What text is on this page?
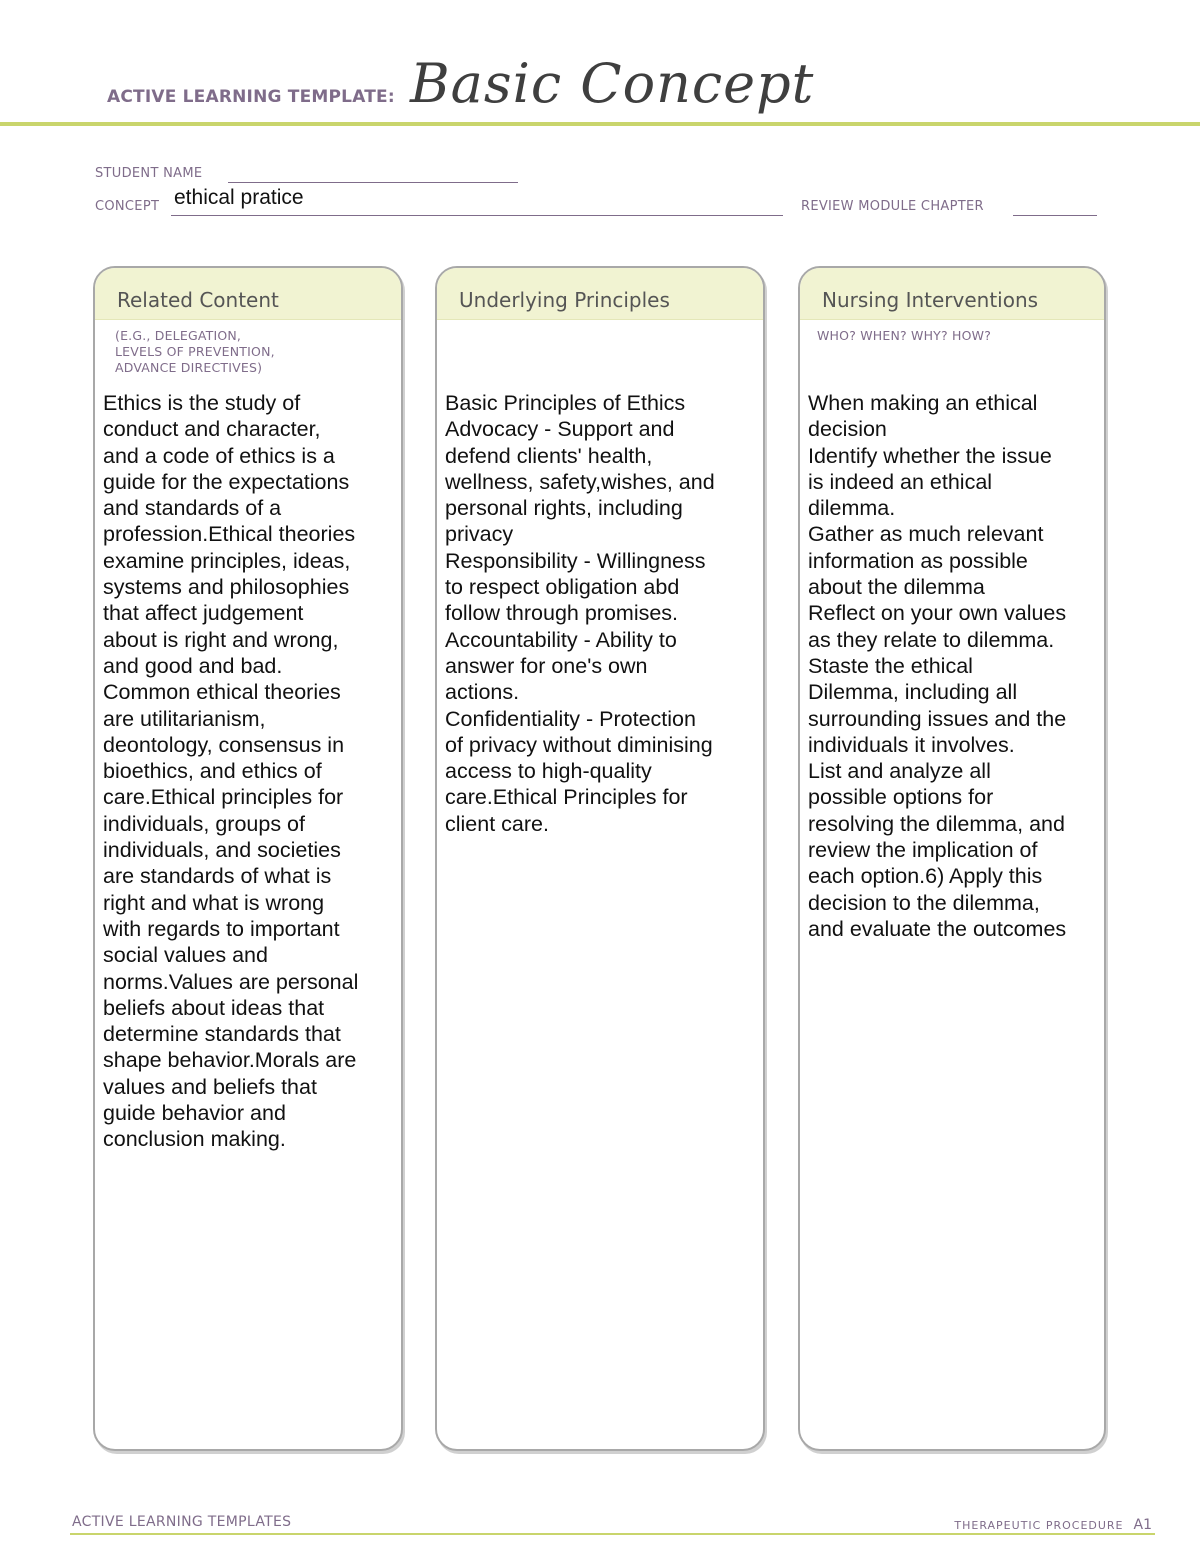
ACTIVE LEARNING TEMPLATE: Basic Concept
STUDENT NAME
CONCEPT ethical pratice	REVIEW MODULE CHAPTER
Related Content
(E.G., DELEGATION,
LEVELS OF PREVENTION,
ADVANCE DIRECTIVES)
Ethics is the study of
conduct and character,
and a code of ethics is a
guide for the expectations
and standards of a
profession.Ethical theories
examine principles, ideas,
systems and philosophies
that affect judgement
about is right and wrong,
and good and bad.
Common ethical theories
are utilitarianism,
deontology, consensus in
bioethics, and ethics of
care.Ethical principles for
individuals, groups of
individuals, and societies
are standards of what is
right and what is wrong
with regards to important
social values and
norms.Values are personal
beliefs about ideas that
determine standards that
shape behavior.Morals are
values and beliefs that
guide behavior and
conclusion making.
Underlying Principles
Basic Principles of Ethics
Advocacy - Support and
defend clients' health,
wellness, safety,wishes, and
personal rights, including
privacy
Responsibility - Willingness
to respect obligation abd
follow through promises.
Accountability - Ability to
answer for one's own
actions.
Confidentiality - Protection
of privacy without diminising
access to high-quality
care.Ethical Principles for
client care.
Nursing Interventions
WHO? WHEN? WHY? HOW?
When making an ethical
decision
Identify whether the issue
is indeed an ethical
dilemma.
Gather as much relevant
information as possible
about the dilemma
Reflect on your own values
as they relate to dilemma.
Staste the ethical
Dilemma, including all
surrounding issues and the
individuals it involves.
List and analyze all
possible options for
resolving the dilemma, and
review the implication of
each option.6) Apply this
decision to the dilemma,
and evaluate the outcomes
ACTIVE LEARNING TEMPLATES	THERAPEUTIC PROCEDURE A1
